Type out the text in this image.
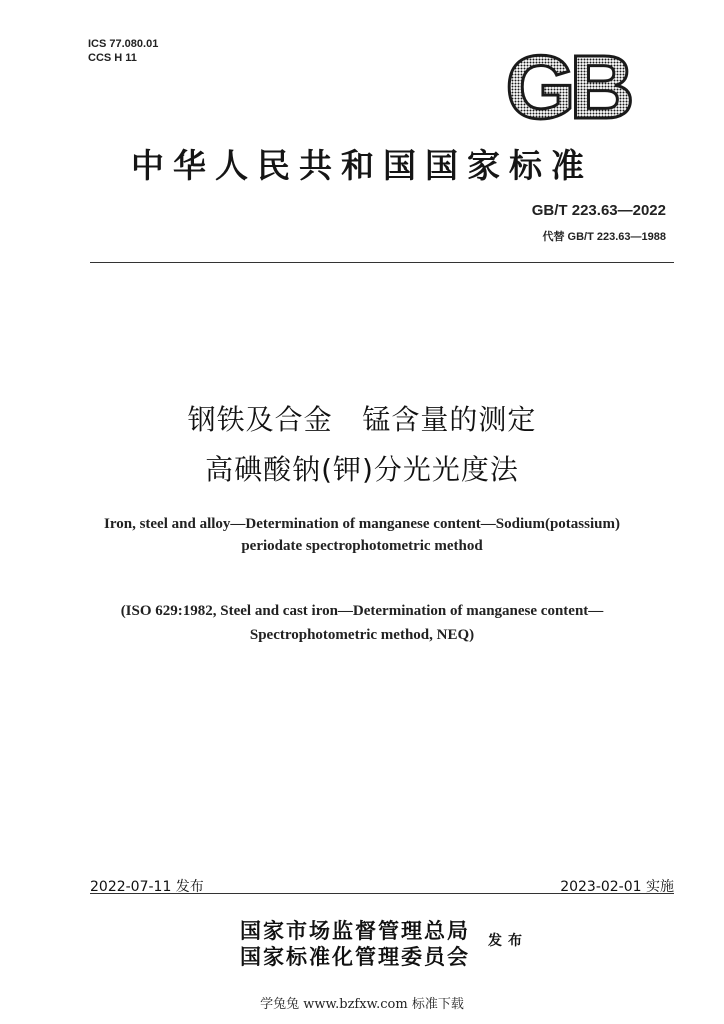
ICS 77.080.01
CCS H 11	GB
中华人民共和国国家标准
GB/T 223.63—2022
代替 GB/T 223.63—1988
钢铁及合金   锰含量的测定
高碘酸钠(钾)分光光度法
Iron, steel and alloy—Determination of manganese content—Sodium(potassium)
periodate spectrophotometric method
(ISO 629:1982, Steel and cast iron—Determination of manganese content—
Spectrophotometric method, NEQ)
2022-07-11 发布	2023-02-01 实施
国家市场监督管理总局
国家标准化管理委员会
发布
学兔兔 www.bzfxw.com 标准下载
